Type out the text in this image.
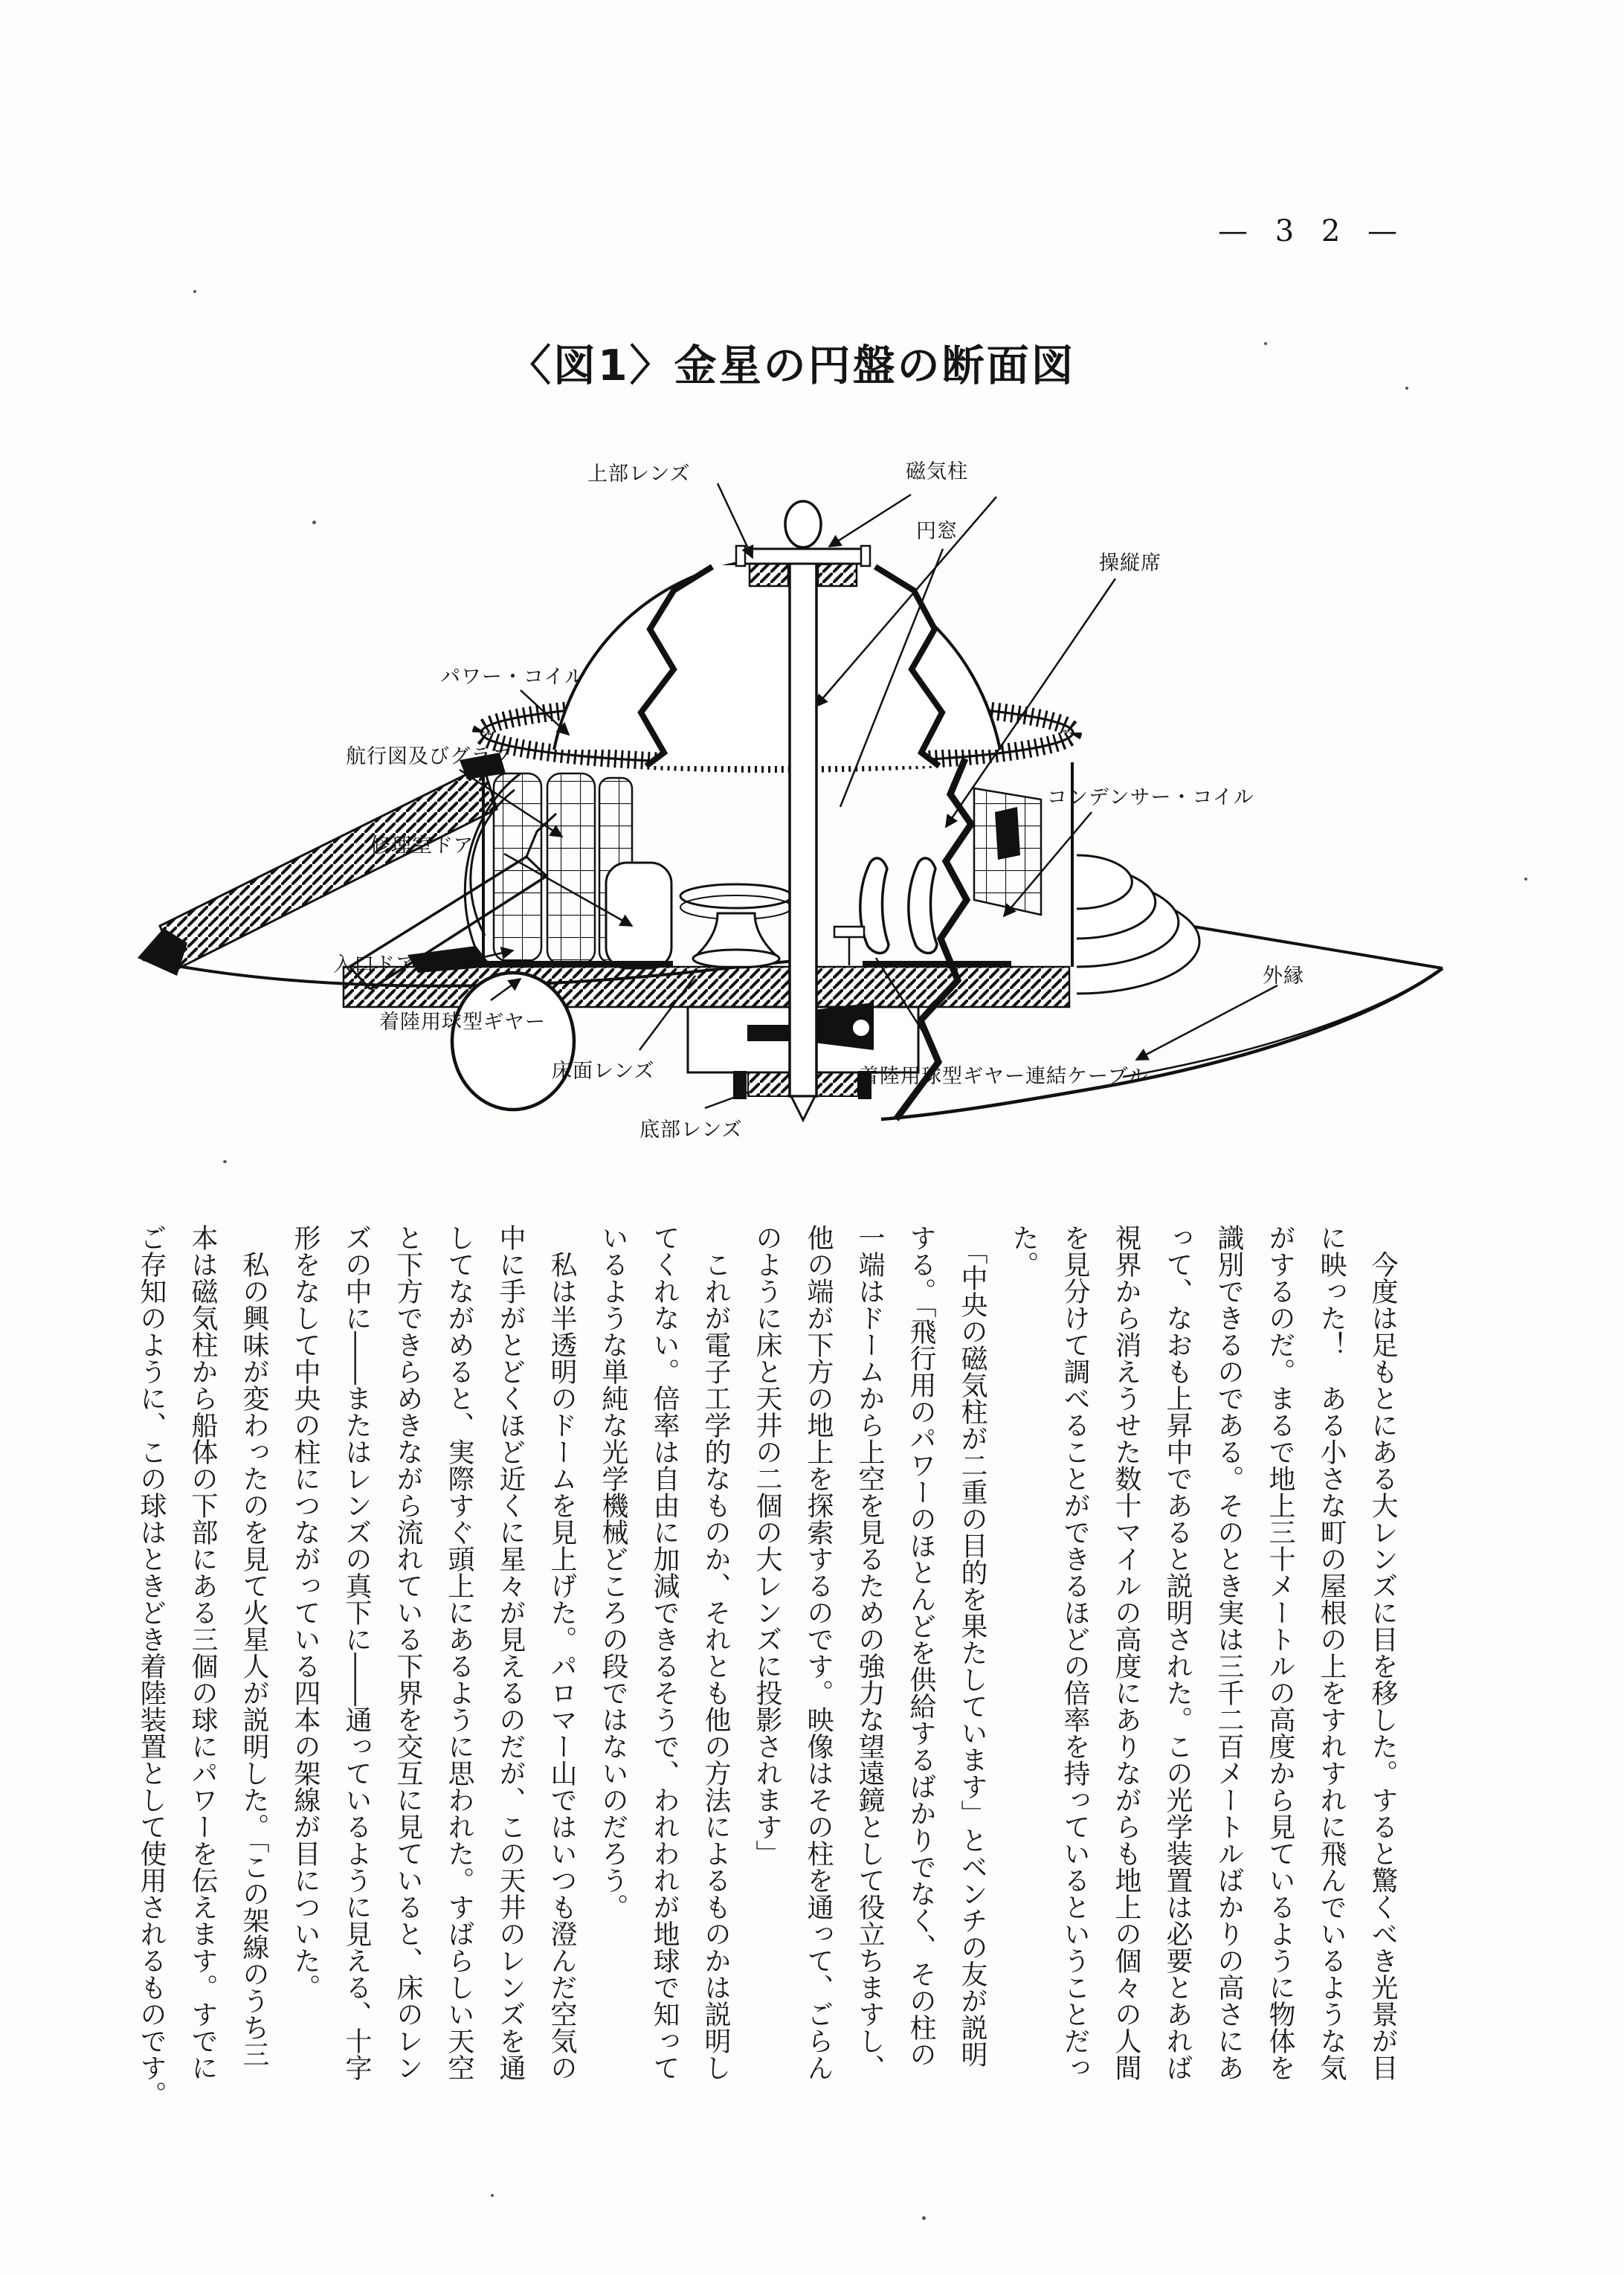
— 3 2 —
〈図1〉金星の円盤の断面図
上部レンズ	磁気柱
円窓
操縦席
パワー・コイル
コンデンサー・コイル
航行図及びグラフ
修理室ドア
入口ドア	外縁
着陸用球型ギヤー
床面レンズ
底部レンズ
着陸用球型ギヤー連結ケーブル
　今度は足もとにある大レンズに目を移した。すると驚くべき光景が目
に映った！　ある小さな町の屋根の上をすれすれに飛んでいるような気
がするのだ。まるで地上三十メートルの高度から見ているように物体を
識別できるのである。そのとき実は三千二百メートルばかりの高さにあ
って、なおも上昇中であると説明された。この光学装置は必要とあれば
視界から消えうせた数十マイルの高度にありながらも地上の個々の人間
を見分けて調べることができるほどの倍率を持っているということだっ
た。
　「中央の磁気柱が二重の目的を果たしています」とベンチの友が説明
する。「飛行用のパワーのほとんどを供給するばかりでなく、その柱の
一端はドームから上空を見るための強力な望遠鏡として役立ちますし、
他の端が下方の地上を探索するのです。映像はその柱を通って、ごらん
のように床と天井の二個の大レンズに投影されます」
　これが電子工学的なものか、それとも他の方法によるものかは説明し
てくれない。倍率は自由に加減できるそうで、われわれが地球で知って
いるような単純な光学機械どころの段ではないのだろう。
　私は半透明のドームを見上げた。パロマー山ではいつも澄んだ空気の
中に手がとどくほど近くに星々が見えるのだが、この天井のレンズを通
してながめると、実際すぐ頭上にあるように思われた。すばらしい天空
と下方できらめきながら流れている下界を交互に見ていると、床のレン
ズの中に――またはレンズの真下に――通っているように見える、十字
形をなして中央の柱につながっている四本の架線が目についた。
　私の興味が変わったのを見て火星人が説明した。「この架線のうち三
本は磁気柱から船体の下部にある三個の球にパワーを伝えます。すでに
ご存知のように、この球はときどき着陸装置として使用されるものです。
